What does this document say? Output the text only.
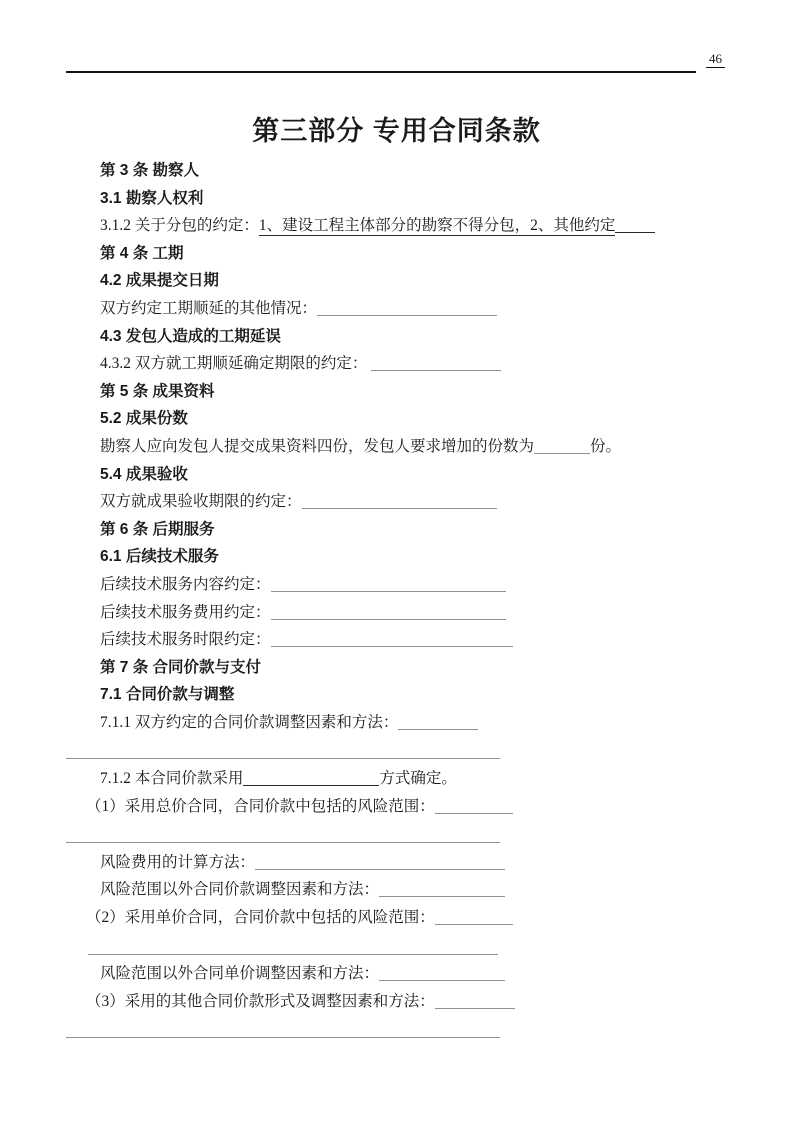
46
第三部分 专用合同条款
第 3 条 勘察人
3.1 勘察人权利
3.1.2 关于分包的约定：1、建设工程主体部分的勘察不得分包，2、其他约定
第 4 条 工期
4.2 成果提交日期
双方约定工期顺延的其他情况：
4.3 发包人造成的工期延误
4.3.2 双方就工期顺延确定期限的约定：
第 5 条 成果资料
5.2 成果份数
勘察人应向发包人提交成果资料四份，发包人要求增加的份数为	份。
5.4 成果验收
双方就成果验收期限的约定：
第 6 条 后期服务
6.1 后续技术服务
后续技术服务内容约定：
后续技术服务费用约定：
后续技术服务时限约定：
第 7 条 合同价款与支付
7.1 合同价款与调整
7.1.1 双方约定的合同价款调整因素和方法：
7.1.2 本合同价款采用	方式确定。
（1）采用总价合同，合同价款中包括的风险范围：
风险费用的计算方法：
风险范围以外合同价款调整因素和方法：
（2）采用单价合同，合同价款中包括的风险范围：
风险范围以外合同单价调整因素和方法：
（3）采用的其他合同价款形式及调整因素和方法：
